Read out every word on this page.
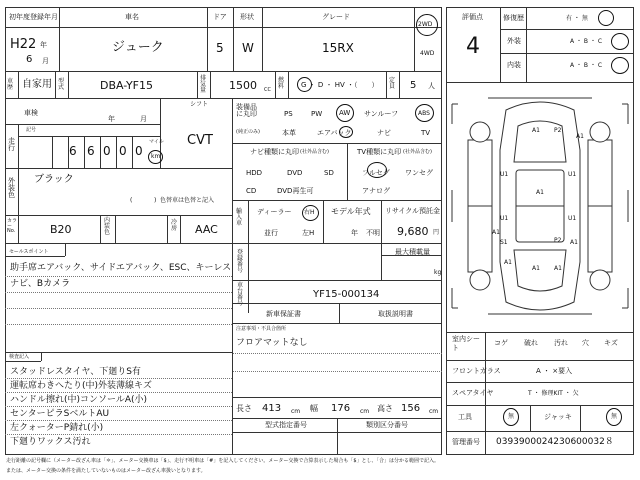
初年度登録年月
H22 年
6 月
車名
ジューク
ドア
5
形状
W
グレード
15RX
2WD
4WD
車歴 自家用 型式	DBA-YF15
排気量 1500 CC
燃料 G ・ D ・ HV ・（　　）
定員 5 人
シフト
CVT
車検
年	月
走行
記号
6 6 0 0 0
マイル
km
外装色
ブラック
色替車は色替と記入
(	)
カラー No.	B20
内装色
冷房 AAC
装備品に丸印
(純正のみ)
PS	PW AW サンルーフ	ABS
本革	エアバック	ナビ	TV
ナビ種類に丸印 (社外品含む)
HDD	DVD	SD
CD	DVD再生可
TV種類に丸印 (社外品含む)
フルセグ ワンセグ
アナログ
輸入車
ディーラー 右H
並行	左H
モデル年式
年 不明
リサイクル預託金
9,680 円
登録番号
最大積載量
kg
車台番号
YF15-000134
新車保証書	取扱説明書
注意事項・不具合箇所
フロアマットなし
セールスポイント
助手席エアバック、サイドエアバック、ESC、キーレス
ナビ、Bカメラ
検査記入
スタッドレスタイヤ、下廻りS有
運転席わきへたり(中)外装薄線キズ
ハンドル擦れ(中)コンソールA(小)
センターピラSベルトAU
左クォーターP錆れ(小)
下廻りワックス汚れ
長さ 413 cm 幅 176 cm 高さ 156 cm
型式指定番号	類別区分番号
評価点
4
修復歴	有 ・ 無
外装	A ・ B ・ C
内装	A ・ B ・ C
A1 P2
A1
U1	U1
A1
U1	U1
P2
A1
S1	A1
A1
A1 A1
室内シート
コゲ 破れ 汚れ 穴 キズ
フロントガラス	A ・ ×要入
スペアタイヤ	T ・ 修理KIT ・ 欠
工具	無	ジャッキ	無
管理番号 0393900024230600032８
走行距離の記号欄に（メーター改ざん車は「＊」、メーター交換車は「$」、走行不明車は「#」を記入してください。メーター交換で合算表示した場合も「$」とし、「合」は分かる範囲で記入。
または、メーター交換の条件を満たしていないものはメーター改ざん車扱いとなります。
